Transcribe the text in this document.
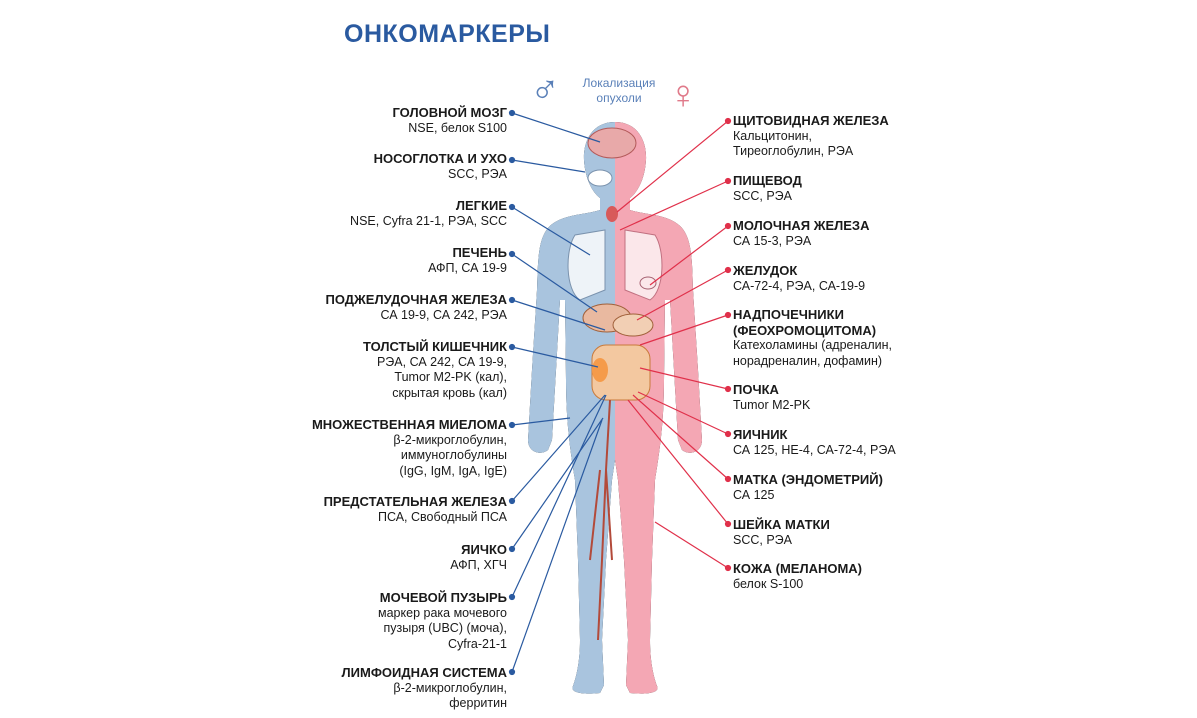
ОНКОМАРКЕРЫ
Локализация опухоли
♂	♀
ГОЛОВНОЙ МОЗГ
NSE, белок S100
НОСОГЛОТКА И УХО
SCC, РЭА
ЛЕГКИЕ
NSE, Cyfra 21-1, РЭА, SCC
ПЕЧЕНЬ
АФП, СА 19-9
ПОДЖЕЛУДОЧНАЯ ЖЕЛЕЗА
СА 19-9, СА 242, РЭА
ТОЛСТЫЙ КИШЕЧНИК
РЭА, СА 242, СА 19-9,
Tumor M2-PK (кал),
скрытая кровь (кал)
МНОЖЕСТВЕННАЯ МИЕЛОМА
β-2-микроглобулин,
иммуноглобулины
(IgG, IgM, IgA, IgE)
ПРЕДСТАТЕЛЬНАЯ ЖЕЛЕЗА
ПСА, Свободный ПСА
ЯИЧКО
АФП, ХГЧ
МОЧЕВОЙ ПУЗЫРЬ
маркер рака мочевого
пузыря (UBC) (моча),
Cyfra-21-1
ЛИМФОИДНАЯ СИСТЕМА
β-2-микроглобулин,
ферритин
ЩИТОВИДНАЯ ЖЕЛЕЗА
Кальцитонин,
Тиреоглобулин, РЭА
ПИЩЕВОД
SCC, РЭА
МОЛОЧНАЯ ЖЕЛЕЗА
СА 15-3, РЭА
ЖЕЛУДОК
СА-72-4, РЭА, СА-19-9
НАДПОЧЕЧНИКИ
(ФЕОХРОМОЦИТОМА)
Катехоламины (адреналин,
норадреналин, дофамин)
ПОЧКА
Tumor M2-PK
ЯИЧНИК
СА 125, НЕ-4, СА-72-4, РЭА
МАТКА (ЭНДОМЕТРИЙ)
СА 125
ШЕЙКА МАТКИ
SCC, РЭА
КОЖА (МЕЛАНОМА)
белок S-100
